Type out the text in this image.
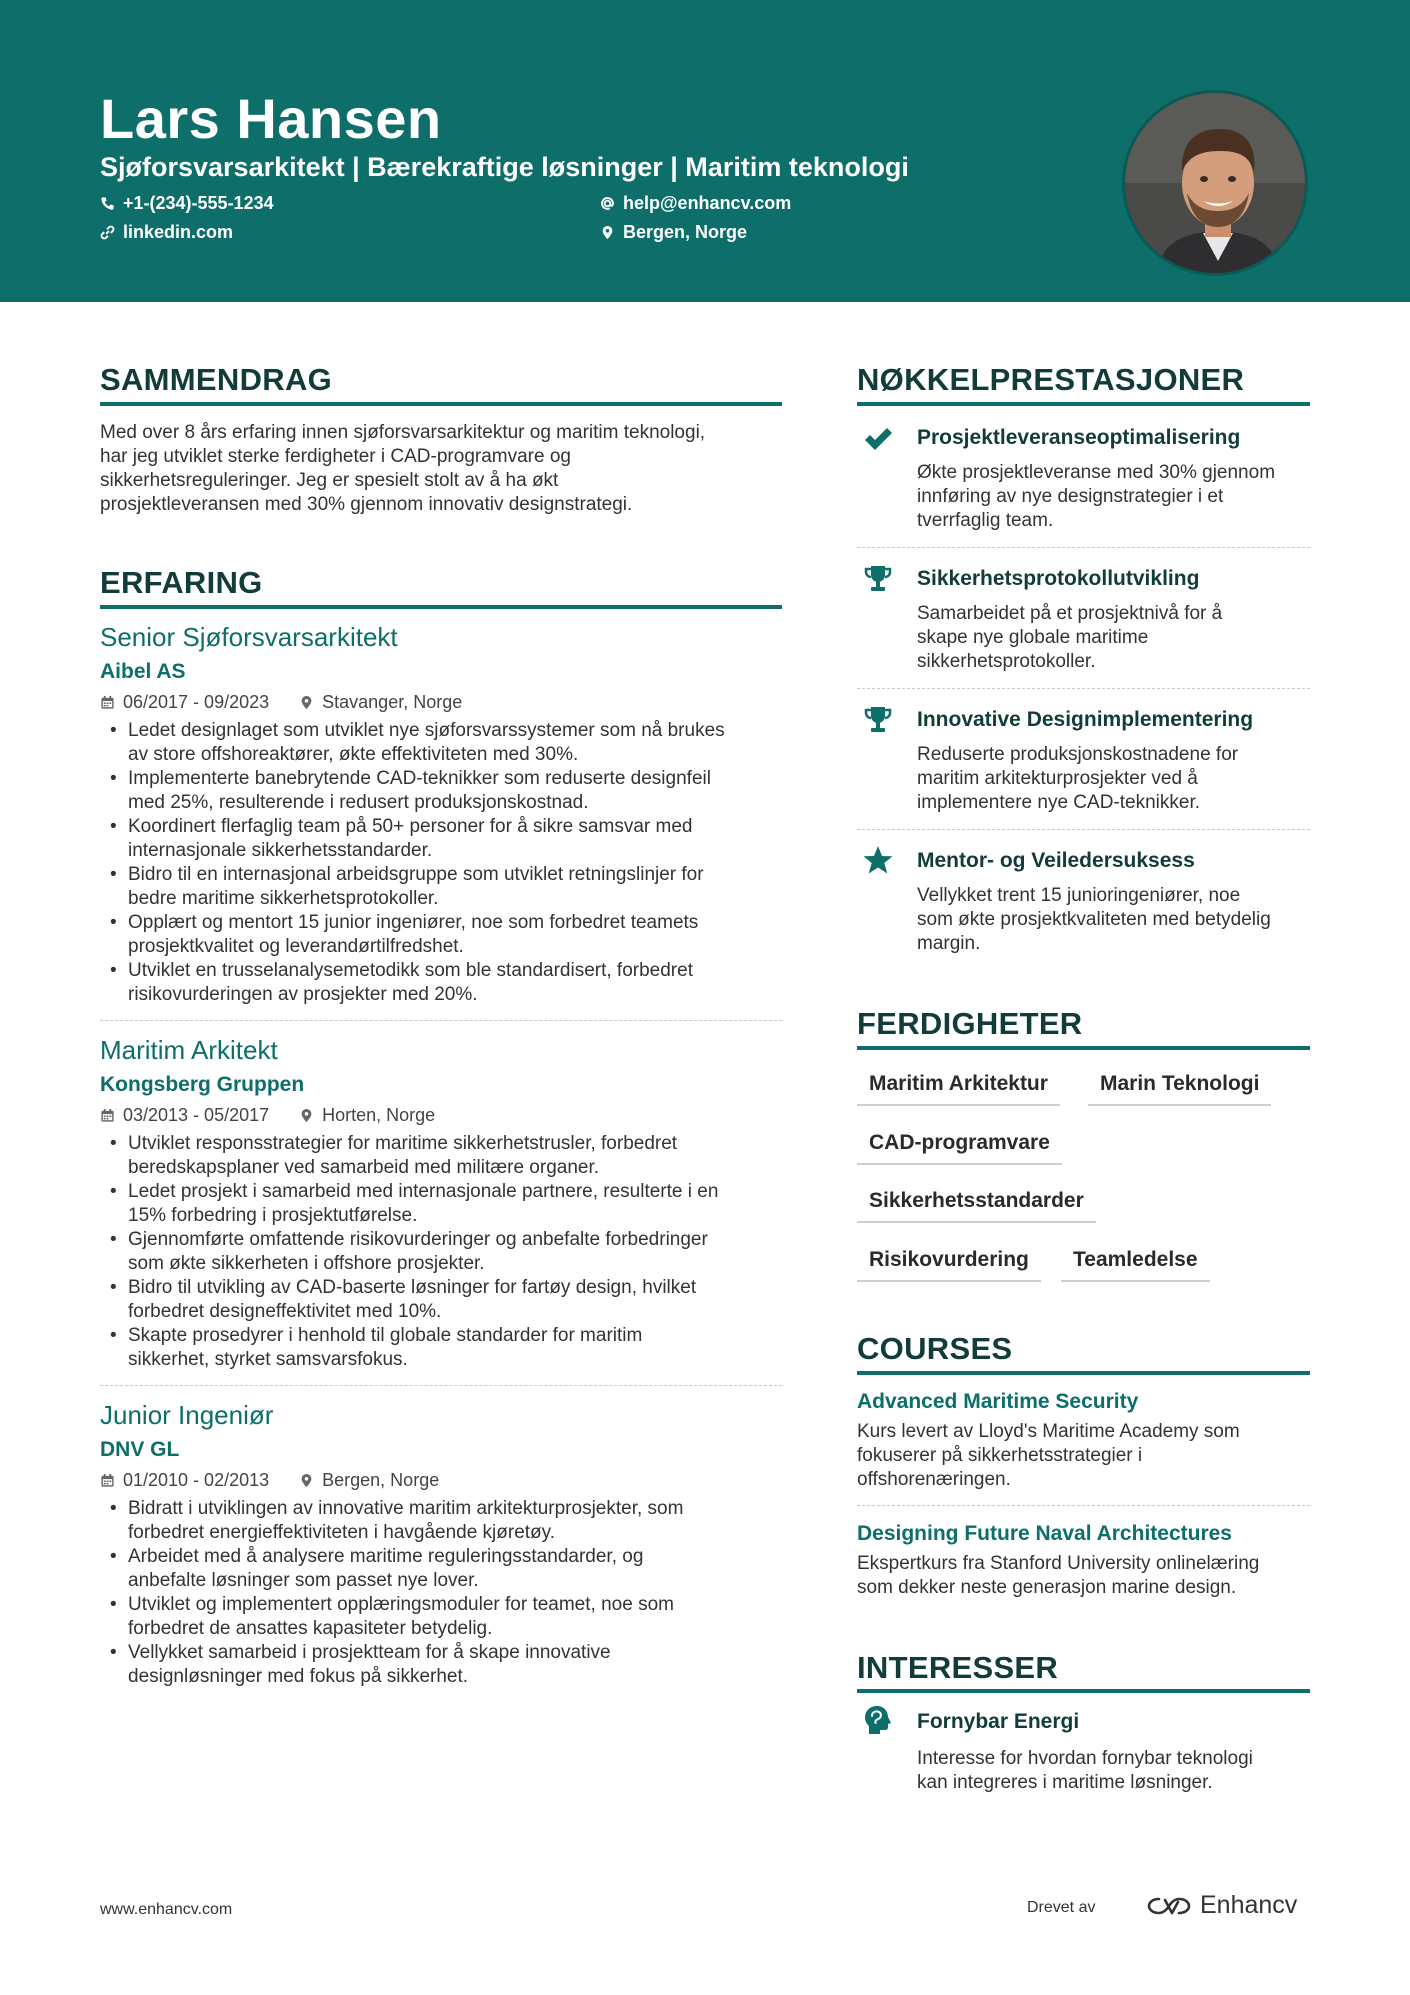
Lars Hansen
Sjøforsvarsarkitekt | Bærekraftige løsninger | Maritim teknologi
+1-(234)-555-1234	help@enhancv.com
linkedin.com	Bergen, Norge
SAMMENDRAG
Med over 8 års erfaring innen sjøforsvarsarkitektur og maritim teknologi,
har jeg utviklet sterke ferdigheter i CAD-programvare og
sikkerhetsreguleringer. Jeg er spesielt stolt av å ha økt
prosjektleveransen med 30% gjennom innovativ designstrategi.
ERFARING
Senior Sjøforsvarsarkitekt
Aibel AS
06/2017 - 09/2023	Stavanger, Norge
• Ledet designlaget som utviklet nye sjøforsvarssystemer som nå brukes
av store offshoreaktører, økte effektiviteten med 30%.
• Implementerte banebrytende CAD-teknikker som reduserte designfeil
med 25%, resulterende i redusert produksjonskostnad.
• Koordinert flerfaglig team på 50+ personer for å sikre samsvar med
internasjonale sikkerhetsstandarder.
• Bidro til en internasjonal arbeidsgruppe som utviklet retningslinjer for
bedre maritime sikkerhetsprotokoller.
• Opplært og mentort 15 junior ingeniører, noe som forbedret teamets
prosjektkvalitet og leverandørtilfredshet.
• Utviklet en trusselanalysemetodikk som ble standardisert, forbedret
risikovurderingen av prosjekter med 20%.
Maritim Arkitekt
Kongsberg Gruppen
03/2013 - 05/2017	Horten, Norge
• Utviklet responsstrategier for maritime sikkerhetstrusler, forbedret
beredskapsplaner ved samarbeid med militære organer.
• Ledet prosjekt i samarbeid med internasjonale partnere, resulterte i en
15% forbedring i prosjektutførelse.
• Gjennomførte omfattende risikovurderinger og anbefalte forbedringer
som økte sikkerheten i offshore prosjekter.
• Bidro til utvikling av CAD-baserte løsninger for fartøy design, hvilket
forbedret designeffektivitet med 10%.
• Skapte prosedyrer i henhold til globale standarder for maritim
sikkerhet, styrket samsvarsfokus.
Junior Ingeniør
DNV GL
01/2010 - 02/2013	Bergen, Norge
• Bidratt i utviklingen av innovative maritim arkitekturprosjekter, som
forbedret energieffektiviteten i havgående kjøretøy.
• Arbeidet med å analysere maritime reguleringsstandarder, og
anbefalte løsninger som passet nye lover.
• Utviklet og implementert opplæringsmoduler for teamet, noe som
forbedret de ansattes kapasiteter betydelig.
• Vellykket samarbeid i prosjektteam for å skape innovative
designløsninger med fokus på sikkerhet.
NØKKELPRESTASJONER
Prosjektleveranseoptimalisering
Økte prosjektleveranse med 30% gjennom
innføring av nye designstrategier i et
tverrfaglig team.
Sikkerhetsprotokollutvikling
Samarbeidet på et prosjektnivå for å
skape nye globale maritime
sikkerhetsprotokoller.
Innovative Designimplementering
Reduserte produksjonskostnadene for
maritim arkitekturprosjekter ved å
implementere nye CAD-teknikker.
Mentor- og Veiledersuksess
Vellykket trent 15 junioringeniører, noe
som økte prosjektkvaliteten med betydelig
margin.
FERDIGHETER
Maritim Arkitektur	Marin Teknologi
CAD-programvare
Sikkerhetsstandarder
Risikovurdering	Teamledelse
COURSES
Advanced Maritime Security
Kurs levert av Lloyd's Maritime Academy som
fokuserer på sikkerhetsstrategier i
offshorenæringen.
Designing Future Naval Architectures
Ekspertkurs fra Stanford University onlinelæring
som dekker neste generasjon marine design.
INTERESSER
Fornybar Energi
Interesse for hvordan fornybar teknologi
kan integreres i maritime løsninger.
www.enhancv.com	Drevet av	Enhancv
